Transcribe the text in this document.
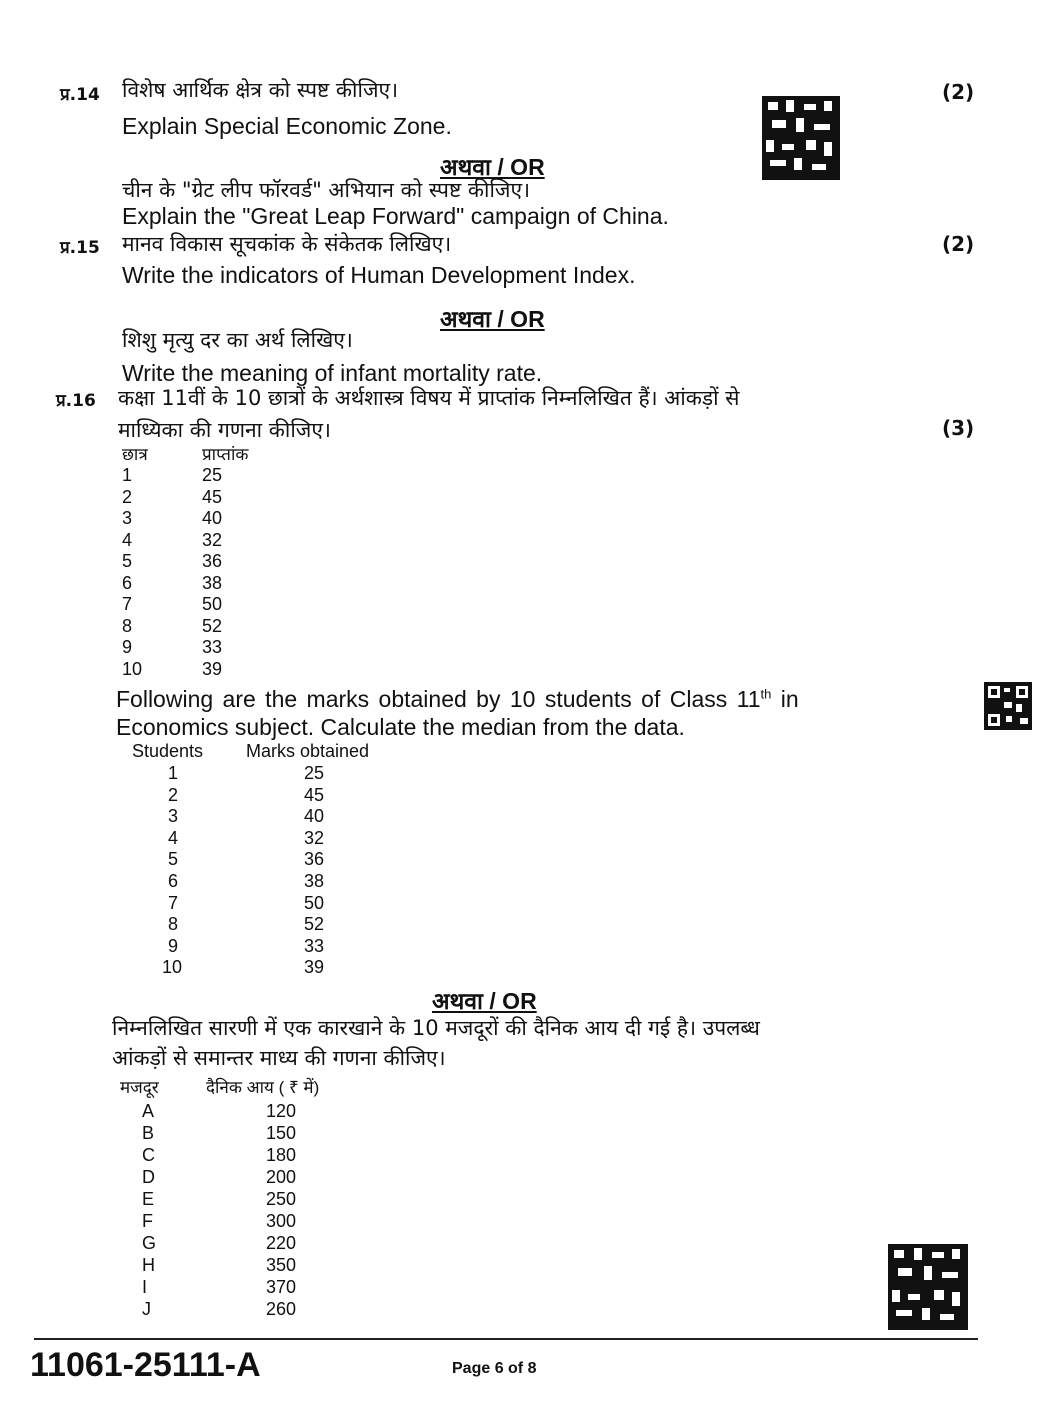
प्र.14 विशेष आर्थिक क्षेत्र को स्पष्ट कीजिए।
Explain Special Economic Zone.
(2)
अथवा / OR
चीन के "ग्रेट लीप फॉरवर्ड" अभियान को स्पष्ट कीजिए।
Explain the "Great Leap Forward" campaign of China.
प्र.15 मानव विकास सूचकांक के संकेतक लिखिए।	(2)
Write the indicators of Human Development Index.
अथवा / OR
शिशु मृत्यु दर का अर्थ लिखिए।
Write the meaning of infant mortality rate.
प्र.16 कक्षा 11वीं के 10 छात्रों के अर्थशास्त्र विषय में प्राप्तांक निम्नलिखित हैं। आंकड़ों से
माध्यिका की गणना कीजिए।	(3)
छात्र	प्राप्तांक
1	25
2	45
3	40
4	32
5	36
6	38
7	50
8	52
9	33
10	39
Following are the marks obtained by 10 students of Class 11th in
Economics subject. Calculate the median from the data.
Students Marks obtained
1	25
2	45
3	40
4	32
5	36
6	38
7	50
8	52
9	33
10	39
अथवा / OR
निम्नलिखित सारणी में एक कारखाने के 10 मजदूरों की दैनिक आय दी गई है। उपलब्ध
आंकड़ों से समान्तर माध्य की गणना कीजिए।
मजदूर	दैनिक आय ( ₹ में)
A	120
B	150
C	180
D	200
E	250
F	300
G	220
H	350
I	370
J	260
11061-25111-A	Page 6 of 8
